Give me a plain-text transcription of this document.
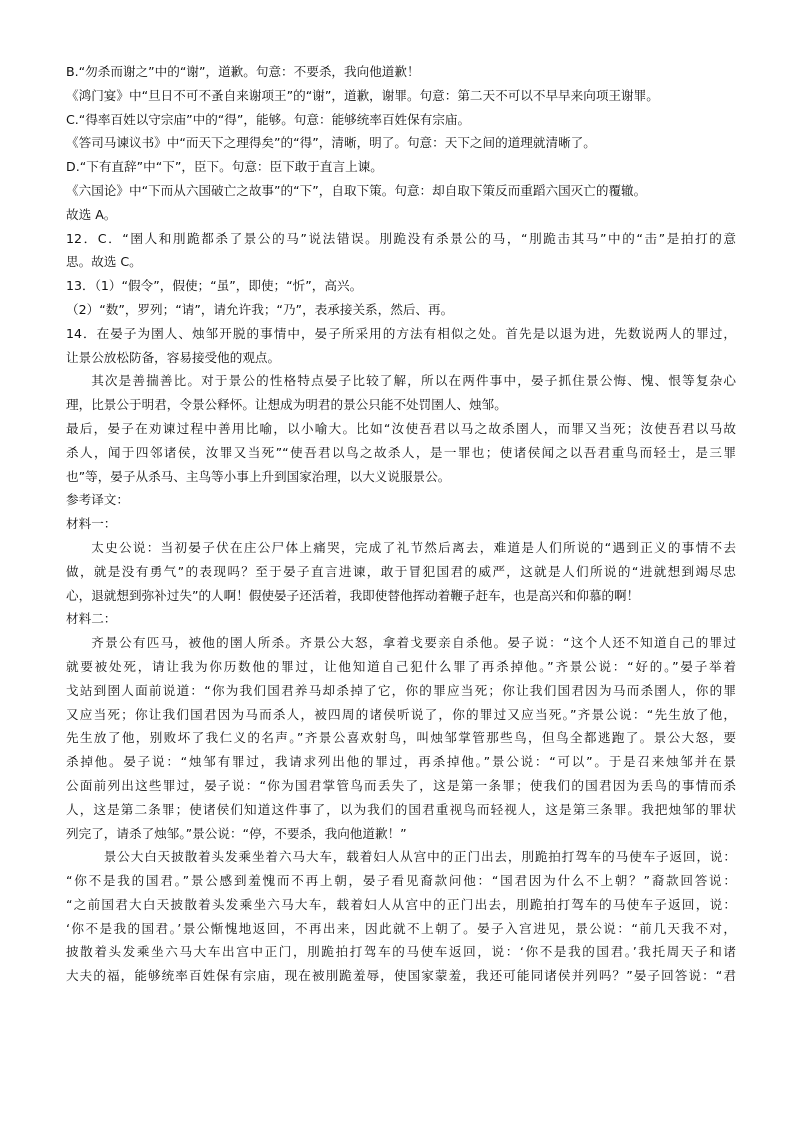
B.“勿杀而谢之”中的“谢”，道歉。句意：不要杀，我向他道歉！
《鸿门宴》中“旦日不可不蚤自来谢项王”的“谢”，道歉，谢罪。句意：第二天不可以不早早来向项王谢罪。
C.“得率百姓以守宗庙”中的“得”，能够。句意：能够统率百姓保有宗庙。
《答司马谏议书》中“而天下之理得矣”的“得”，清晰，明了。句意：天下之间的道理就清晰了。
D.“下有直辞”中“下”，臣下。句意：臣下敢于直言上谏。
《六国论》中“下而从六国破亡之故事”的“下”，自取下策。句意：却自取下策反而重蹈六国灭亡的覆辙。
故选 A。
12．C．“圉人和刖跪都杀了景公的马”说法错误。刖跪没有杀景公的马，“刖跪击其马”中的“击”是拍打的意
思。故选 C。
13．（1）“假令”，假使；“虽”，即使；“忻”，高兴。
（2）“数”，罗列；“请”，请允许我；“乃”，表承接关系，然后、再。
14．在晏子为圉人、烛邹开脱的事情中，晏子所采用的方法有相似之处。首先是以退为进，先数说两人的罪过，
让景公放松防备，容易接受他的观点。
其次是善揣善比。对于景公的性格特点晏子比较了解，所以在两件事中，晏子抓住景公悔、愧、恨等复杂心
理，比景公于明君，令景公释怀。让想成为明君的景公只能不处罚圉人、烛邹。
最后，晏子在劝谏过程中善用比喻，以小喻大。比如“汝使吾君以马之故杀圉人，而罪又当死；汝使吾君以马故
杀人，闻于四邻诸侯，汝罪又当死”“使吾君以鸟之故杀人，是一罪也；使诸侯闻之以吾君重鸟而轻士，是三罪
也”等，晏子从杀马、主鸟等小事上升到国家治理，以大义说服景公。
参考译文：
材料一：
太史公说：当初晏子伏在庄公尸体上痛哭，完成了礼节然后离去，难道是人们所说的“遇到正义的事情不去
做，就是没有勇气”的表现吗？至于晏子直言进谏，敢于冒犯国君的威严，这就是人们所说的“进就想到竭尽忠
心，退就想到弥补过失”的人啊！假使晏子还活着，我即使替他挥动着鞭子赶车，也是高兴和仰慕的啊！
材料二：
齐景公有匹马，被他的圉人所杀。齐景公大怒，拿着戈要亲自杀他。晏子说：“这个人还不知道自己的罪过
就要被处死，请让我为你历数他的罪过，让他知道自己犯什么罪了再杀掉他。”齐景公说：“好的。”晏子举着
戈站到圉人面前说道：“你为我们国君养马却杀掉了它，你的罪应当死；你让我们国君因为马而杀圉人，你的罪
又应当死；你让我们国君因为马而杀人，被四周的诸侯听说了，你的罪过又应当死。”齐景公说：“先生放了他，
先生放了他，别败坏了我仁义的名声。”齐景公喜欢射鸟，叫烛邹掌管那些鸟，但鸟全都逃跑了。景公大怒，要
杀掉他。晏子说：“烛邹有罪过，我请求列出他的罪过，再杀掉他。”景公说：“可以”。于是召来烛邹并在景
公面前列出这些罪过，晏子说：“你为国君掌管鸟而丢失了，这是第一条罪；使我们的国君因为丢鸟的事情而杀
人，这是第二条罪；使诸侯们知道这件事了，以为我们的国君重视鸟而轻视人，这是第三条罪。我把烛邹的罪状
列完了，请杀了烛邹。”景公说：“停，不要杀，我向他道歉！”
景公大白天披散着头发乘坐着六马大车，载着妇人从宫中的正门出去，刖跪拍打驾车的马使车子返回，说：
“你不是我的国君。”景公感到羞愧而不再上朝，晏子看见裔款问他：“国君因为什么不上朝？”裔款回答说：
“之前国君大白天披散着头发乘坐六马大车，载着妇人从宫中的正门出去，刖跪拍打驾车的马使车子返回，说：
‘你不是我的国君。’景公惭愧地返回，不再出来，因此就不上朝了。晏子入宫进见，景公说：“前几天我不对，
披散着头发乘坐六马大车出宫中正门，刖跪拍打驾车的马使车返回，说：‘你不是我的国君。’我托周天子和诸
大夫的福，能够统率百姓保有宗庙，现在被刖跪羞辱，使国家蒙羞，我还可能同诸侯并列吗？”晏子回答说：“君
